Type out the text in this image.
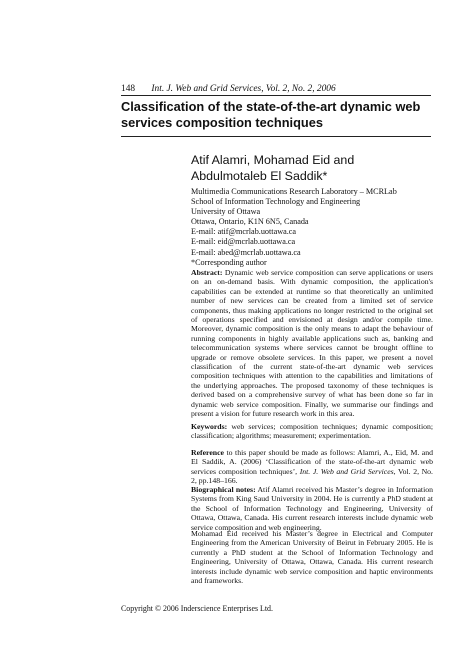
148 Int. J. Web and Grid Services, Vol. 2, No. 2, 2006
Classification of the state-of-the-art dynamic web
services composition techniques
Atif Alamri, Mohamad Eid and
Abdulmotaleb El Saddik*
Multimedia Communications Research Laboratory – MCRLab
School of Information Technology and Engineering
University of Ottawa
Ottawa, Ontario, K1N 6N5, Canada
E-mail: atif@mcrlab.uottawa.ca
E-mail: eid@mcrlab.uottawa.ca
E-mail: abed@mcrlab.uottawa.ca
*Corresponding author
Abstract: Dynamic web service composition can serve applications or users on an on-demand basis. With dynamic composition, the application's capabilities can be extended at runtime so that theoretically an unlimited number of new services can be created from a limited set of service components, thus making applications no longer restricted to the original set of operations specified and envisioned at design and/or compile time. Moreover, dynamic composition is the only means to adapt the behaviour of running components in highly available applications such as, banking and telecommunication systems where services cannot be brought offline to upgrade or remove obsolete services. In this paper, we present a novel classification of the current state-of-the-art dynamic web services composition techniques with attention to the capabilities and limitations of the underlying approaches. The proposed taxonomy of these techniques is derived based on a comprehensive survey of what has been done so far in dynamic web service composition. Finally, we summarise our findings and present a vision for future research work in this area.
Keywords: web services; composition techniques; dynamic composition; classification; algorithms; measurement; experimentation.
Reference to this paper should be made as follows: Alamri, A., Eid, M. and El Saddik, A. (2006) ‘Classification of the state-of-the-art dynamic web services composition techniques’, Int. J. Web and Grid Services, Vol. 2, No. 2, pp.148–166.
Biographical notes: Atif Alamri received his Master’s degree in Information Systems from King Saud University in 2004. He is currently a PhD student at the School of Information Technology and Engineering, University of Ottawa, Ottawa, Canada. His current research interests include dynamic web service composition and web engineering.
Mohamad Eid received his Master’s degree in Electrical and Computer Engineering from the American University of Beirut in February 2005. He is currently a PhD student at the School of Information Technology and Engineering, University of Ottawa, Ottawa, Canada. His current research interests include dynamic web service composition and haptic environments and frameworks.
Copyright © 2006 Inderscience Enterprises Ltd.
